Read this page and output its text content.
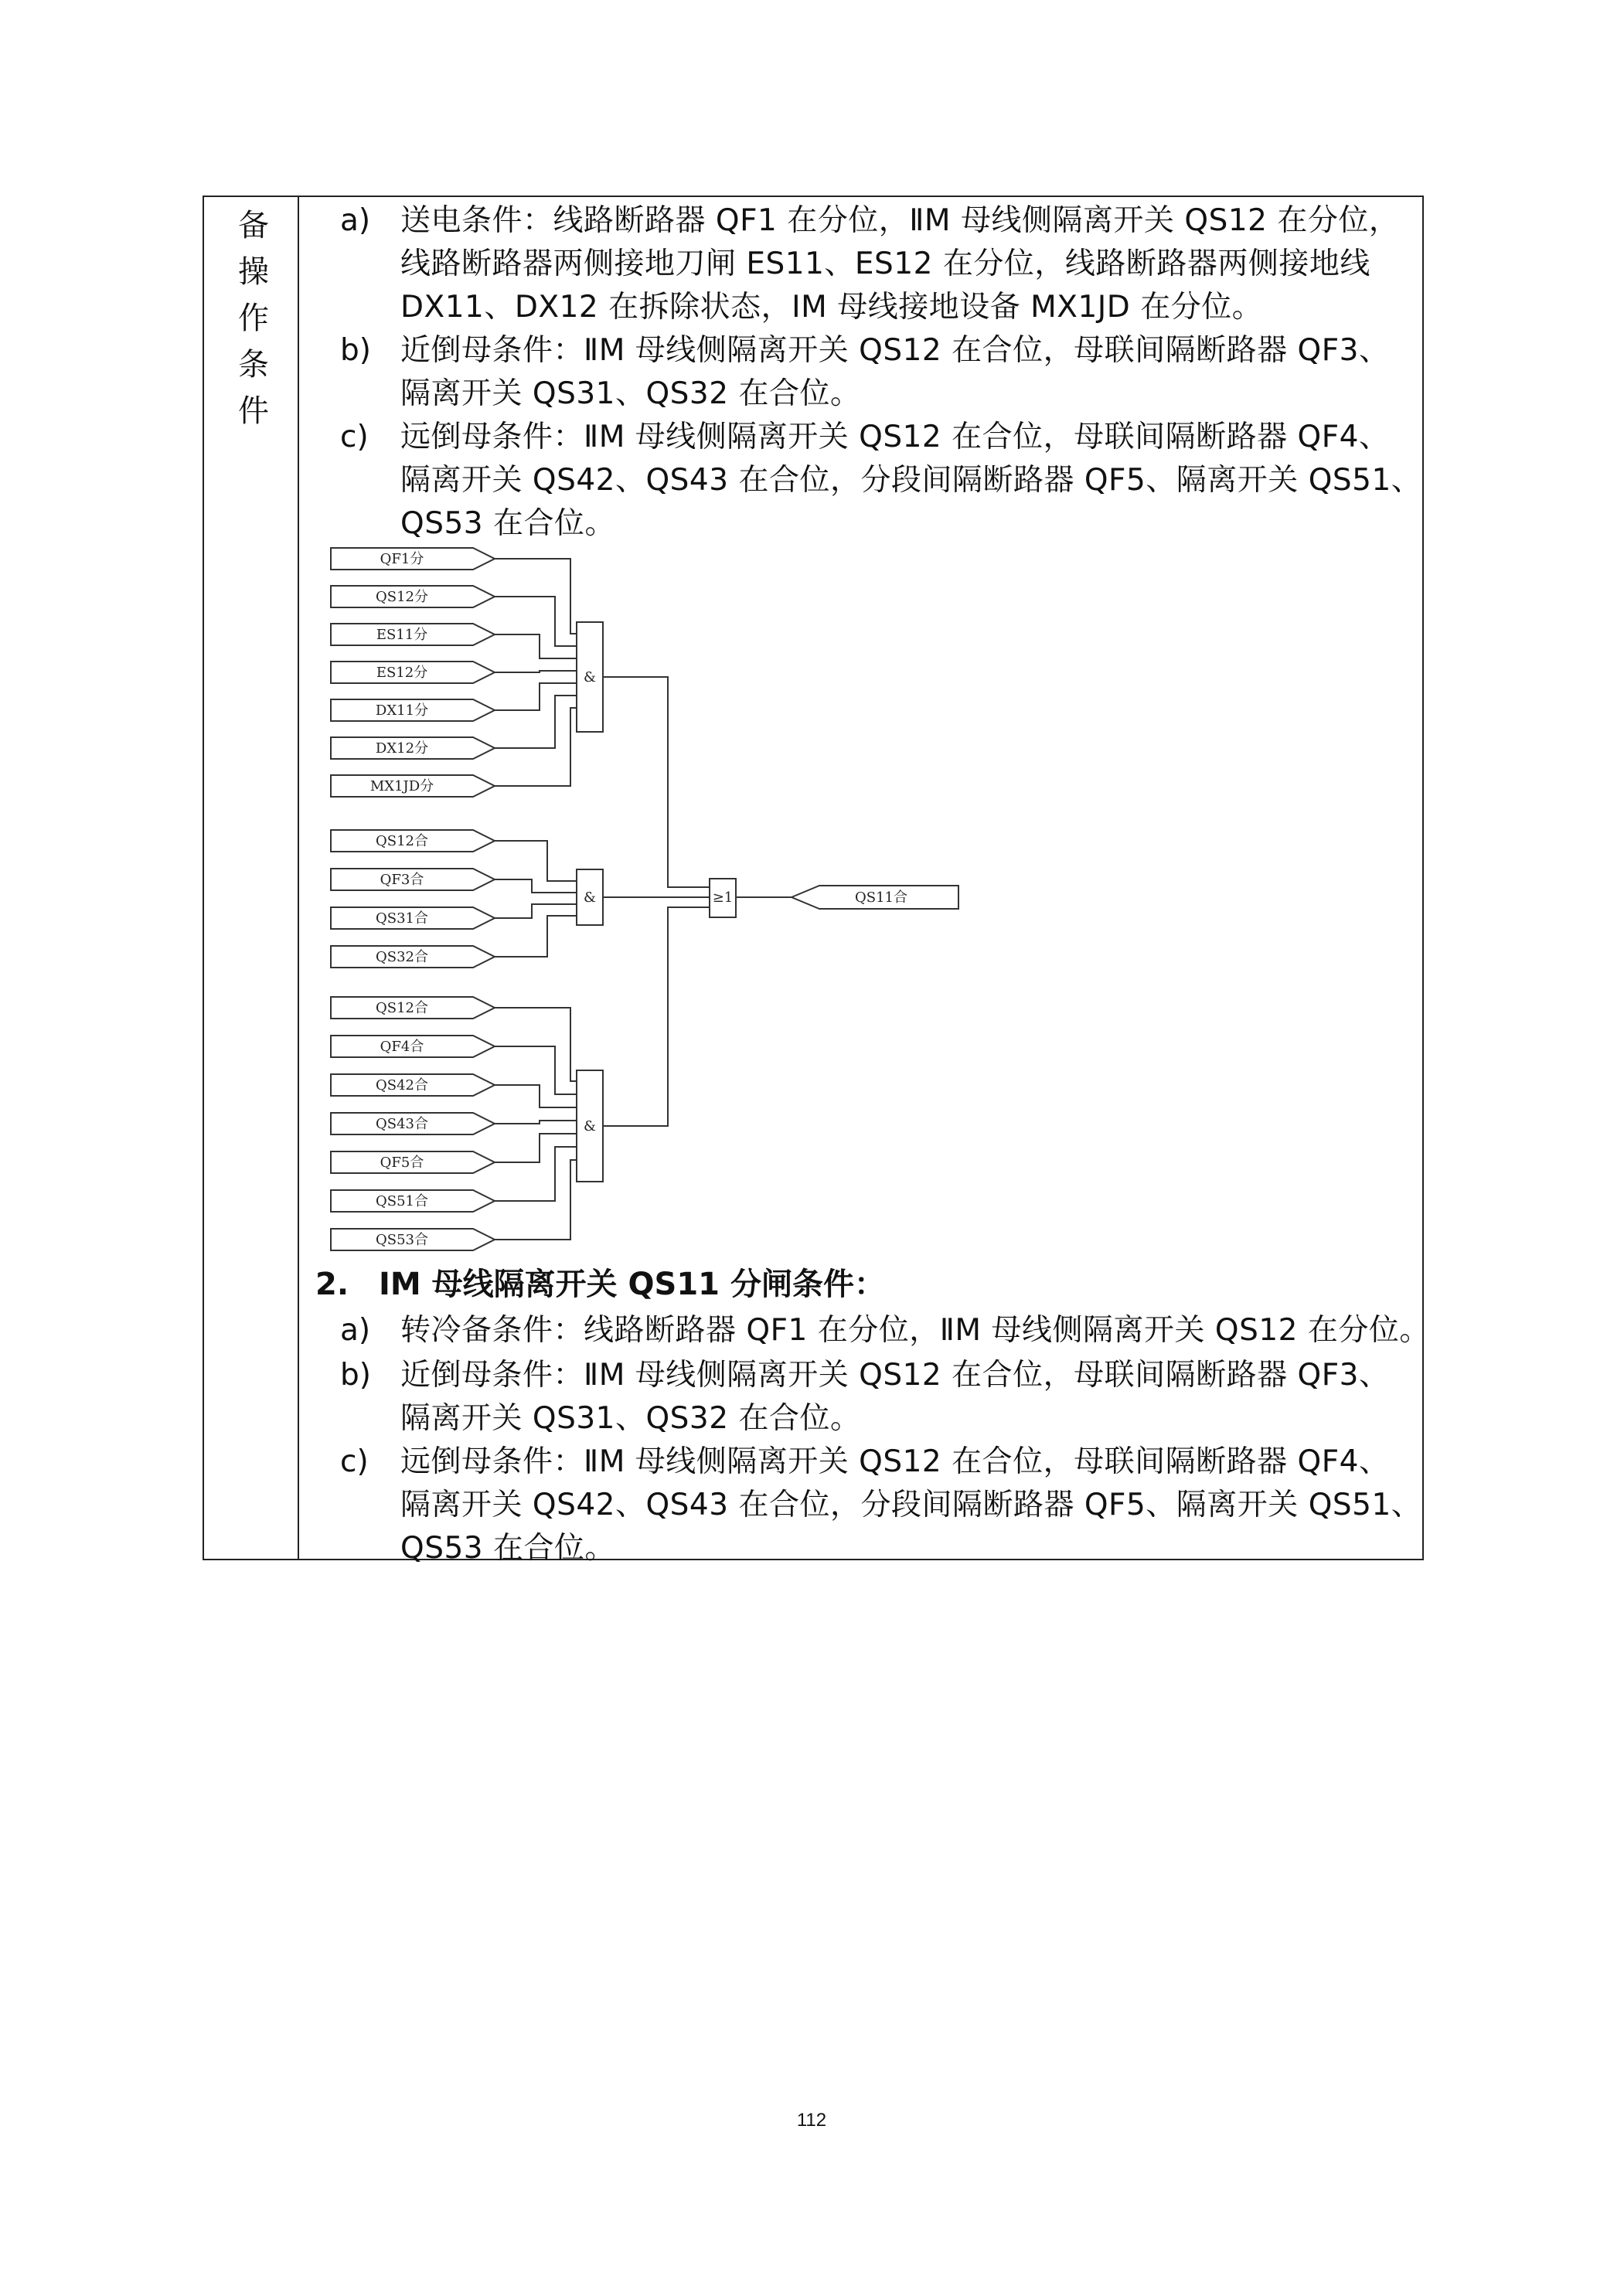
备
操
作
条
件
a) 送电条件：线路断路器 QF1 在分位，ⅡM 母线侧隔离开关 QS12 在分位，
线路断路器两侧接地刀闸 ES11、ES12 在分位，线路断路器两侧接地线
DX11、DX12 在拆除状态，ⅠM 母线接地设备 MX1JD 在分位。
b) 近倒母条件：ⅡM 母线侧隔离开关 QS12 在合位，母联间隔断路器 QF3、
隔离开关 QS31、QS32 在合位。
c) 远倒母条件：ⅡM 母线侧隔离开关 QS12 在合位，母联间隔断路器 QF4、
隔离开关 QS42、QS43 在合位，分段间隔断路器 QF5、隔离开关 QS51、
QS53 在合位。
QF1分
QS12分
ES11分
ES12分
DX11分
DX12分
MX1JD分
QS12合
QF3合
QS31合
QS32合
QS12合
QF4合
QS42合
QS43合
QF5合
QS51合
QS53合
&
&
&
≥1	QS11合
2. ⅠM 母线隔离开关 QS11 分闸条件：
a) 转冷备条件：线路断路器 QF1 在分位，ⅡM 母线侧隔离开关 QS12 在分位。
b) 近倒母条件：ⅡM 母线侧隔离开关 QS12 在合位，母联间隔断路器 QF3、
隔离开关 QS31、QS32 在合位。
c) 远倒母条件：ⅡM 母线侧隔离开关 QS12 在合位，母联间隔断路器 QF4、
隔离开关 QS42、QS43 在合位，分段间隔断路器 QF5、隔离开关 QS51、
QS53 在合位。
112
